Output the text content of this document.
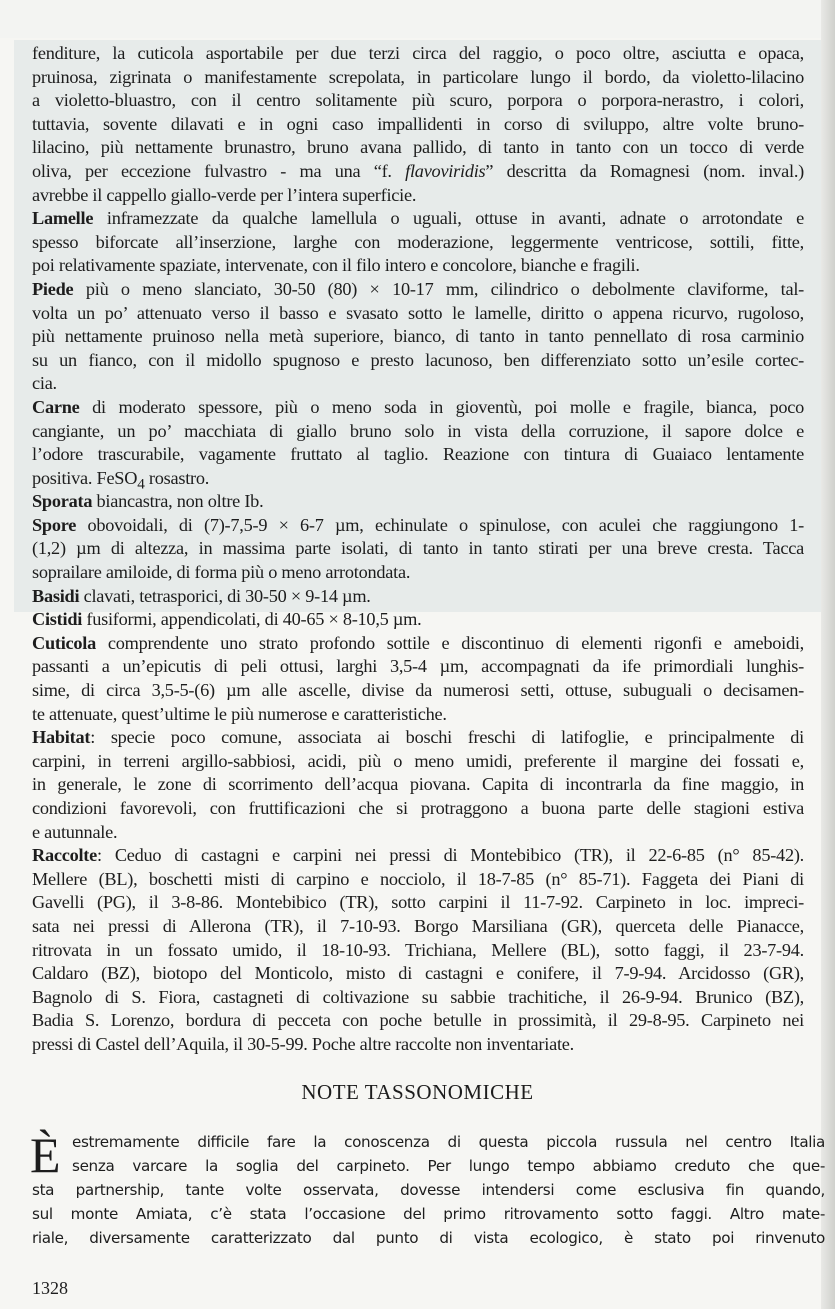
fenditure, la cuticola asportabile per due terzi circa del raggio, o poco oltre, asciutta e opaca,
pruinosa, zigrinata o manifestamente screpolata, in particolare lungo il bordo, da violetto-lilacino
a violetto-bluastro, con il centro solitamente più scuro, porpora o porpora-nerastro, i colori,
tuttavia, sovente dilavati e in ogni caso impallidenti in corso di sviluppo, altre volte bruno-
lilacino, più nettamente brunastro, bruno avana pallido, di tanto in tanto con un tocco di verde
oliva, per eccezione fulvastro - ma una “f. flavoviridis” descritta da Romagnesi (nom. inval.)
avrebbe il cappello giallo-verde per l’intera superficie.
Lamelle inframezzate da qualche lamellula o uguali, ottuse in avanti, adnate o arrotondate e
spesso biforcate all’inserzione, larghe con moderazione, leggermente ventricose, sottili, fitte,
poi relativamente spaziate, intervenate, con il filo intero e concolore, bianche e fragili.
Piede più o meno slanciato, 30-50 (80) × 10-17 mm, cilindrico o debolmente claviforme, tal-
volta un po’ attenuato verso il basso e svasato sotto le lamelle, diritto o appena ricurvo, rugoloso,
più nettamente pruinoso nella metà superiore, bianco, di tanto in tanto pennellato di rosa carminio
su un fianco, con il midollo spugnoso e presto lacunoso, ben differenziato sotto un’esile cortec-
cia.
Carne di moderato spessore, più o meno soda in gioventù, poi molle e fragile, bianca, poco
cangiante, un po’ macchiata di giallo bruno solo in vista della corruzione, il sapore dolce e
l’odore trascurabile, vagamente fruttato al taglio. Reazione con tintura di Guaiaco lentamente
positiva. FeSO$_4$ rosastro.
Sporata biancastra, non oltre Ib.
Spore obovoidali, di (7)-7,5-9 × 6-7 µm, echinulate o spinulose, con aculei che raggiungono 1-
(1,2) µm di altezza, in massima parte isolati, di tanto in tanto stirati per una breve cresta. Tacca
soprailare amiloide, di forma più o meno arrotondata.
Basidi clavati, tetrasporici, di 30-50 × 9-14 µm.
Cistidi fusiformi, appendicolati, di 40-65 × 8-10,5 µm.
Cuticola comprendente uno strato profondo sottile e discontinuo di elementi rigonfi e ameboidi,
passanti a un’epicutis di peli ottusi, larghi 3,5-4 µm, accompagnati da ife primordiali lunghis-
sime, di circa 3,5-5-(6) µm alle ascelle, divise da numerosi setti, ottuse, subuguali o decisamen-
te attenuate, quest’ultime le più numerose e caratteristiche.
Habitat: specie poco comune, associata ai boschi freschi di latifoglie, e principalmente di
carpini, in terreni argillo-sabbiosi, acidi, più o meno umidi, preferente il margine dei fossati e,
in generale, le zone di scorrimento dell’acqua piovana. Capita di incontrarla da fine maggio, in
condizioni favorevoli, con fruttificazioni che si protraggono a buona parte delle stagioni estiva
e autunnale.
Raccolte: Ceduo di castagni e carpini nei pressi di Montebibico (TR), il 22-6-85 (n° 85-42).
Mellere (BL), boschetti misti di carpino e nocciolo, il 18-7-85 (n° 85-71). Faggeta dei Piani di
Gavelli (PG), il 3-8-86. Montebibico (TR), sotto carpini il 11-7-92. Carpineto in loc. impreci-
sata nei pressi di Allerona (TR), il 7-10-93. Borgo Marsiliana (GR), querceta delle Pianacce,
ritrovata in un fossato umido, il 18-10-93. Trichiana, Mellere (BL), sotto faggi, il 23-7-94.
Caldaro (BZ), biotopo del Monticolo, misto di castagni e conifere, il 7-9-94. Arcidosso (GR),
Bagnolo di S. Fiora, castagneti di coltivazione su sabbie trachitiche, il 26-9-94. Brunico (BZ),
Badia S. Lorenzo, bordura di pecceta con poche betulle in prossimità, il 29-8-95. Carpineto nei
pressi di Castel dell’Aquila, il 30-5-99. Poche altre raccolte non inventariate.
NOTE TASSONOMICHE
È estremamente difficile fare la conoscenza di questa piccola russula nel centro Italia
senza varcare la soglia del carpineto. Per lungo tempo abbiamo creduto che que-
sta partnership, tante volte osservata, dovesse intendersi come esclusiva fin quando,
sul monte Amiata, c’è stata l’occasione del primo ritrovamento sotto faggi. Altro mate-
riale, diversamente caratterizzato dal punto di vista ecologico, è stato poi rinvenuto
1328
